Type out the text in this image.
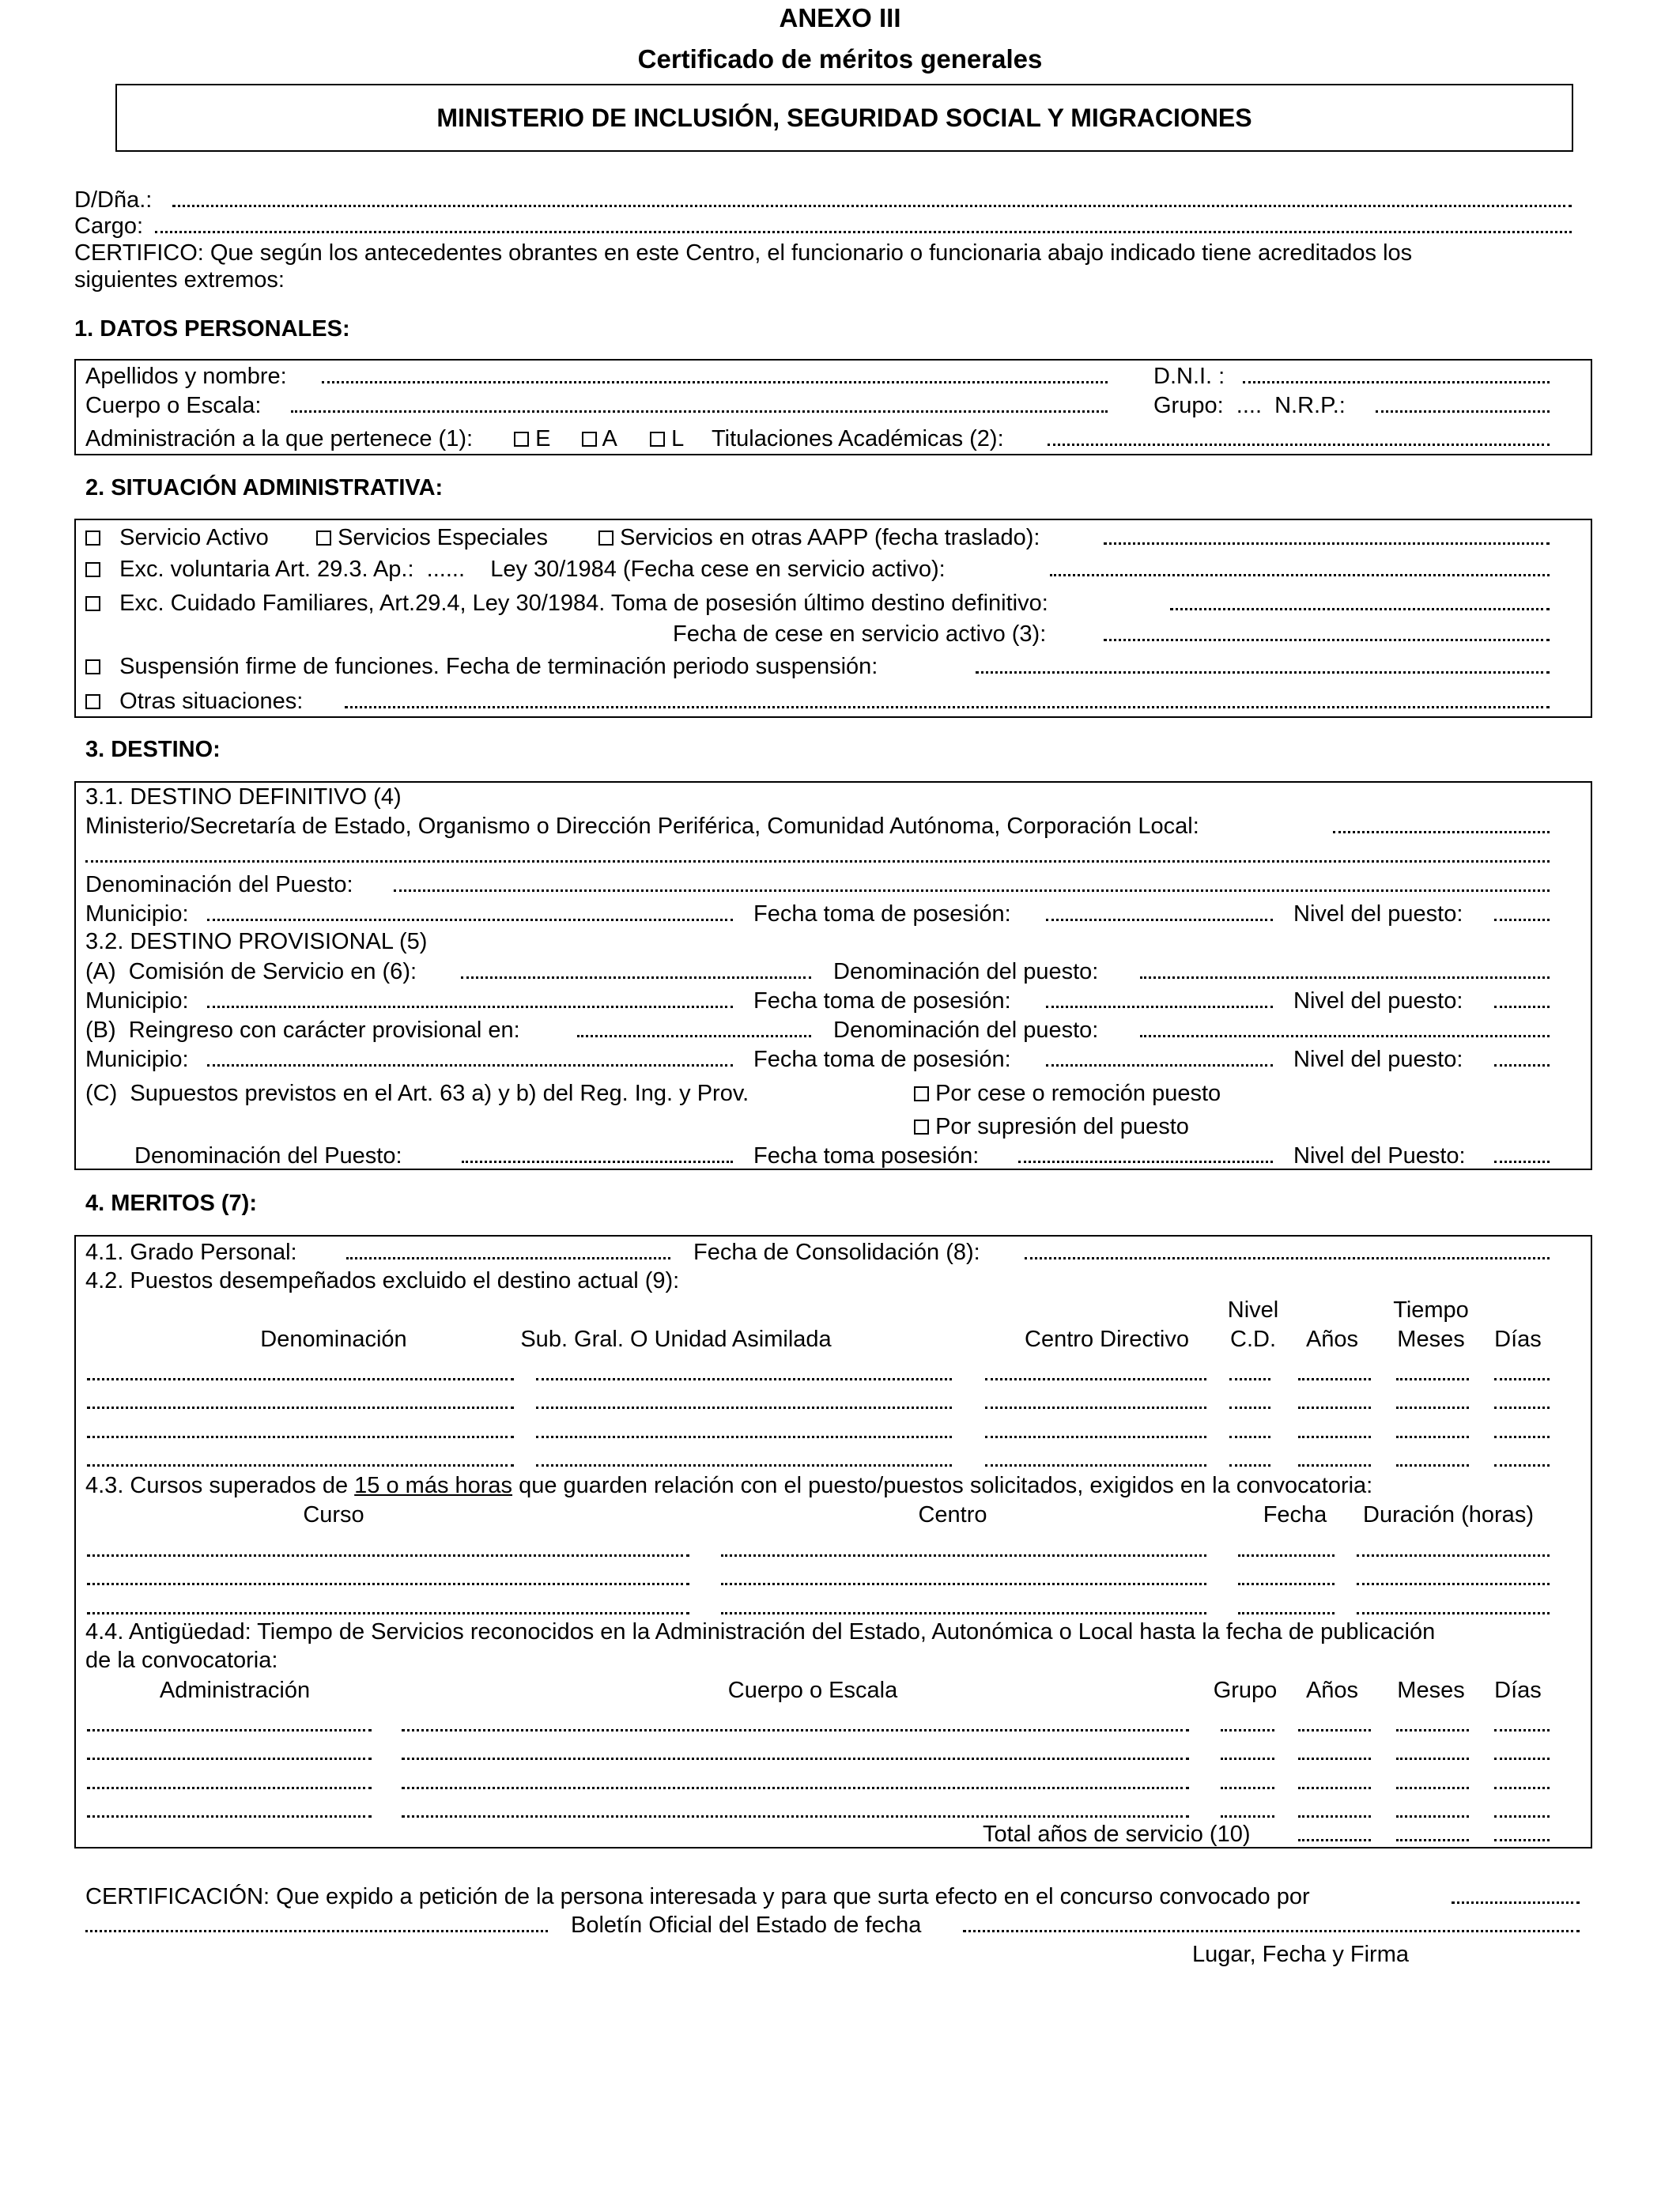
ANEXO III
Certificado de méritos generales
MINISTERIO DE INCLUSIÓN, SEGURIDAD SOCIAL Y MIGRACIONES
D/Dña.:
Cargo:
CERTIFICO: Que según los antecedentes obrantes en este Centro, el funcionario o funcionaria abajo indicado tiene acreditados los
siguientes extremos:
1. DATOS PERSONALES:
Apellidos y nombre:	D.N.I. :
Cuerpo o Escala:	Grupo:  ....  N.R.P.:
Administración a la que pertenece (1):	E	A	L Titulaciones Académicas (2):
2. SITUACIÓN ADMINISTRATIVA:
Servicio Activo	Servicios Especiales	Servicios en otras AAPP (fecha traslado):
Exc. voluntaria Art. 29.3. Ap.:  ......    Ley 30/1984 (Fecha cese en servicio activo):
Exc. Cuidado Familiares, Art.29.4, Ley 30/1984. Toma de posesión último destino definitivo:
Fecha de cese en servicio activo (3):
Suspensión firme de funciones. Fecha de terminación periodo suspensión:
Otras situaciones:
3. DESTINO:
3.1. DESTINO DEFINITIVO (4)
Ministerio/Secretaría de Estado, Organismo o Dirección Periférica, Comunidad Autónoma, Corporación Local:
Denominación del Puesto:
Municipio:	Fecha toma de posesión:	Nivel del puesto:
3.2. DESTINO PROVISIONAL (5)
(A)  Comisión de Servicio en (6):	Denominación del puesto:
Municipio:	Fecha toma de posesión:	Nivel del puesto:
(B)  Reingreso con carácter provisional en:	Denominación del puesto:
Municipio:	Fecha toma de posesión:	Nivel del puesto:
(C)  Supuestos previstos en el Art. 63 a) y b) del Reg. Ing. y Prov.	Por cese o remoción puesto
Por supresión del puesto
Denominación del Puesto:	Fecha toma posesión:	Nivel del Puesto:
4. MERITOS (7):
4.1. Grado Personal:	Fecha de Consolidación (8):
4.2. Puestos desempeñados excluido el destino actual (9):
Nivel	Tiempo
Denominación	Sub. Gral. O Unidad Asimilada	Centro Directivo	C.D.	Años	Meses	Días
4.3. Cursos superados de 15 o más horas que guarden relación con el puesto/puestos solicitados, exigidos en la convocatoria:
Curso	Centro	Fecha	Duración (horas)
4.4. Antigüedad: Tiempo de Servicios reconocidos en la Administración del Estado, Autonómica o Local hasta la fecha de publicación
de la convocatoria:
Administración	Cuerpo o Escala	Grupo	Años	Meses	Días
Total años de servicio (10)
CERTIFICACIÓN: Que expido a petición de la persona interesada y para que surta efecto en el concurso convocado por
Boletín Oficial del Estado de fecha
Lugar, Fecha y Firma
